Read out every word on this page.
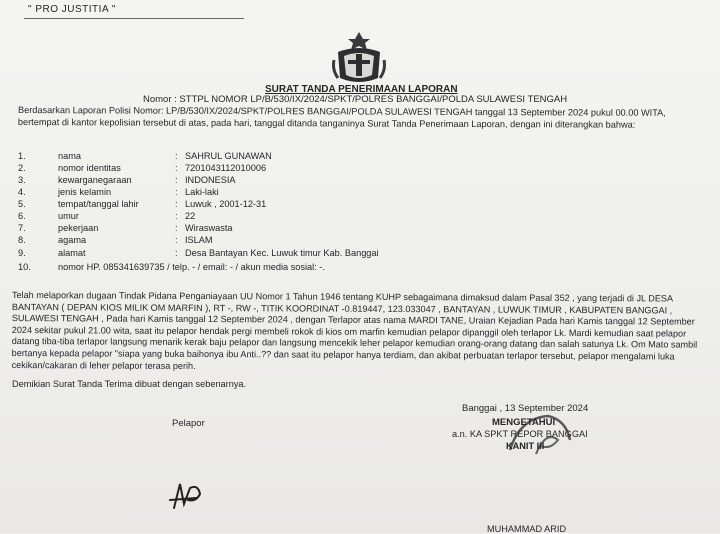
" PRO JUSTITIA "
SURAT TANDA PENERIMAAN LAPORAN
Nomor : STTPL NOMOR LP/B/530/IX/2024/SPKT/POLRES BANGGAI/POLDA SULAWESI TENGAH
Berdasarkan Laporan Polisi Nomor: LP/B/530/IX/2024/SPKT/POLRES BANGGAI/POLDA SULAWESI TENGAH tanggal 13 September 2024 pukul 00.00 WITA, bertempat di kantor kepolisian tersebut di atas, pada hari, tanggal ditanda tanganinya Surat Tanda Penerimaan Laporan, dengan ini diterangkan bahwa:
1.	nama	: SAHRUL GUNAWAN
2.	nomor identitas	: 7201043112010006
3.	kewarganegaraan	: INDONESIA
4.	jenis kelamin	: Laki-laki
5.	tempat/tanggal lahir	: Luwuk , 2001-12-31
6.	umur	: 22
7.	pekerjaan	: Wiraswasta
8.	agama	: ISLAM
9.	alamat	: Desa Bantayan Kec. Luwuk timur Kab. Banggai
10.	nomor HP. 085341639735 / telp. - / email: - / akun media sosial: -.
Telah melaporkan dugaan Tindak Pidana Penganiayaan UU Nomor 1 Tahun 1946 tentang KUHP sebagaimana dimaksud dalam Pasal 352 , yang terjadi di JL DESA BANTAYAN ( DEPAN KIOS MILIK OM MARFIN ), RT -, RW -, TITIK KOORDINAT -0.819447, 123.033047 , BANTAYAN , LUWUK TIMUR , KABUPATEN BANGGAI , SULAWESI TENGAH , Pada hari Kamis tanggal 12 September 2024 , dengan Terlapor atas nama MARDI TANE, Uraian Kejadian Pada hari Kamis tanggal 12 September 2024 sekitar pukul 21.00 wita, saat itu pelapor hendak pergi membeli rokok di kios om marfin kemudian pelapor dipanggil oleh terlapor Lk. Mardi kemudian saat pelapor datang tiba-tiba terlapor langsung menarik kerak baju pelapor dan langsung mencekik leher pelapor kemudian orang-orang datang dan salah satunya Lk. Om Mato sambil bertanya kepada pelapor "siapa yang buka baihonya ibu Anti..?? dan saat itu pelapor hanya terdiam, dan akibat perbuatan terlapor tersebut, pelapor mengalami luka cekikan/cakaran di leher pelapor terasa perih.
Demikian Surat Tanda Terima dibuat dengan sebenarnya.
Pelapor
Banggai , 13 September 2024
MENGETAHUI
a.n. KA SPKT REPOR BANGGAI
KANIT III
MUHAMMAD ARID
